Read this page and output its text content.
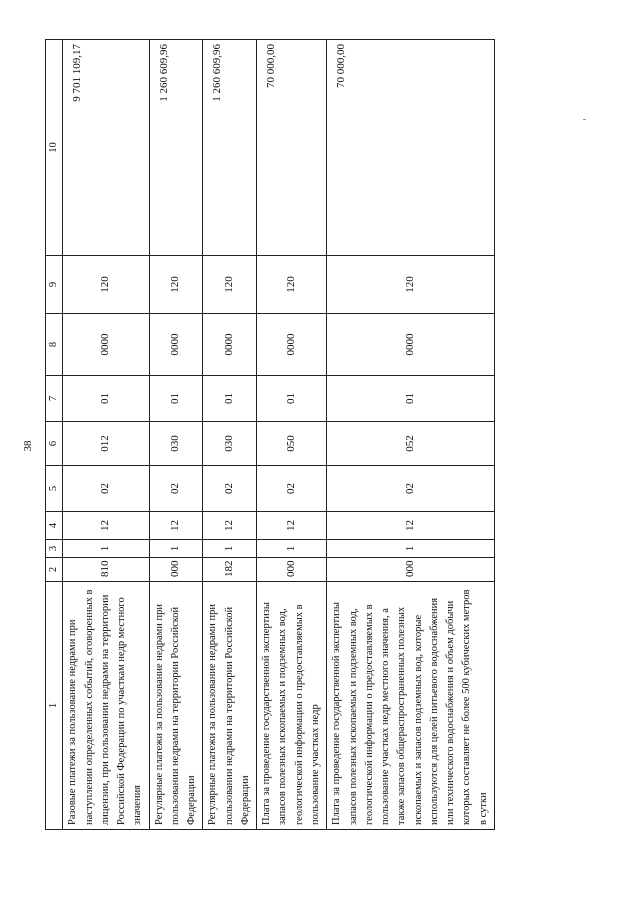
38
1	2	3	4	5	6	7	8	9	10
Разовые платежи за пользование недрами при наступлении определенных событий, оговоренных в лицензии, при пользовании недрами на территории Российской Федерации по участкам недр местного значения	810	1	12	02	012	01	0000	120	9 701 109,17
Регулярные платежи за пользование недрами при пользовании недрами на территории Российской Федерации	000	1	12	02	030	01	0000	120	1 260 609,96
Регулярные платежи за пользование недрами при пользовании недрами на территории Российской Федерации	182	1	12	02	030	01	0000	120	1 260 609,96
Плата за проведение государственной экспертизы запасов полезных ископаемых и подземных вод, геологической информации о предоставляемых в пользование участках недр	000	1	12	02	050	01	0000	120	70 000,00
Плата за проведение государственной экспертизы запасов полезных ископаемых и подземных вод, геологической информации о предоставляемых в пользование участках недр местного значения, а также запасов общераспространенных полезных ископаемых и запасов подземных вод, которые используются для целей питьевого водоснабжения или технического водоснабжения и объем добычи которых составляет не более 500 кубических метров в сутки	000	1	12	02	052	01	0000	120	70 000,00
